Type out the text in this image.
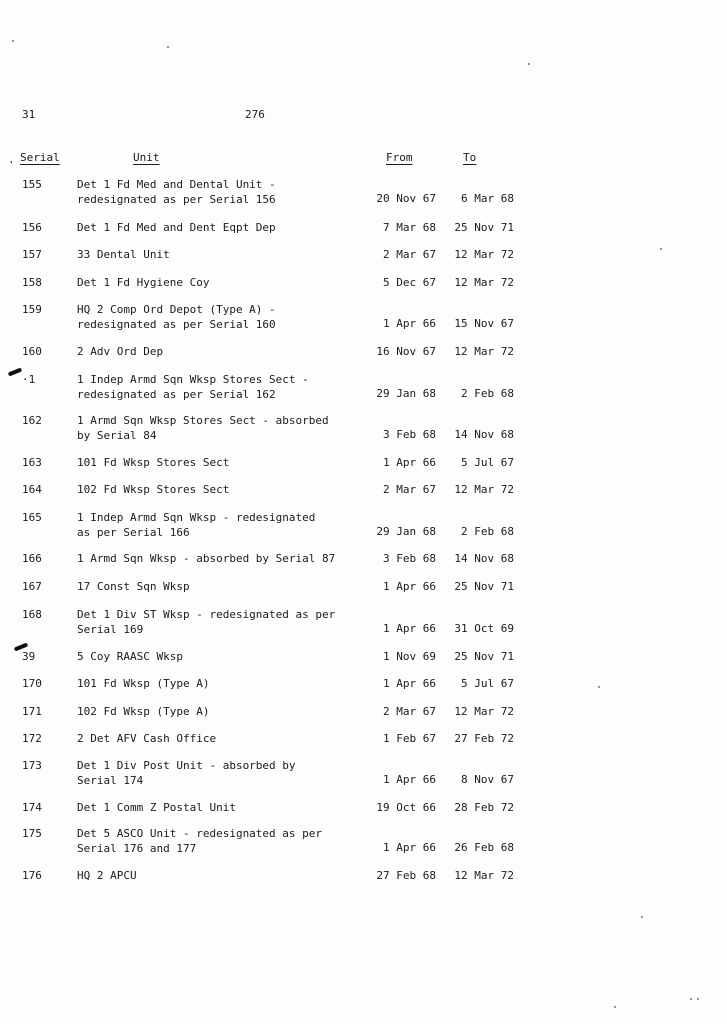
31	276
. Serial	Unit	From	To
155	Det 1 Fd Med and Dental Unit -
redesignated as per Serial 156	20 Nov 67	6 Mar 68
156	Det 1 Fd Med and Dent Eqpt Dep	7 Mar 68	25 Nov 71
157	33 Dental Unit	2 Mar 67	12 Mar 72
158	Det 1 Fd Hygiene Coy	5 Dec 67	12 Mar 72
159	HQ 2 Comp Ord Depot (Type A) -
redesignated as per Serial 160	1 Apr 66	15 Nov 67
160	2 Adv Ord Dep	16 Nov 67	12 Mar 72
⋅1	1 Indep Armd Sqn Wksp Stores Sect -
redesignated as per Serial 162	29 Jan 68	2 Feb 68
162	1 Armd Sqn Wksp Stores Sect - absorbed
by Serial 84	3 Feb 68	14 Nov 68
163	101 Fd Wksp Stores Sect	1 Apr 66	5 Jul 67
164	102 Fd Wksp Stores Sect	2 Mar 67	12 Mar 72
165	1 Indep Armd Sqn Wksp - redesignated
as per Serial 166	29 Jan 68	2 Feb 68
166	1 Armd Sqn Wksp - absorbed by Serial 87	3 Feb 68	14 Nov 68
167	17 Const Sqn Wksp	1 Apr 66	25 Nov 71
168	Det 1 Div ST Wksp - redesignated as per
Serial 169	1 Apr 66	31 Oct 69
39	5 Coy RAASC Wksp	1 Nov 69	25 Nov 71
170	101 Fd Wksp (Type A)	1 Apr 66	5 Jul 67
171	102 Fd Wksp (Type A)	2 Mar 67	12 Mar 72
172	2 Det AFV Cash Office	1 Feb 67	27 Feb 72
173	Det 1 Div Post Unit - absorbed by
Serial 174	1 Apr 66	8 Nov 67
174	Det 1 Comm Z Postal Unit	19 Oct 66	28 Feb 72
175	Det 5 ASCO Unit - redesignated as per
Serial 176 and 177	1 Apr 66	26 Feb 68
176	HQ 2 APCU	27 Feb 68	12 Mar 72
